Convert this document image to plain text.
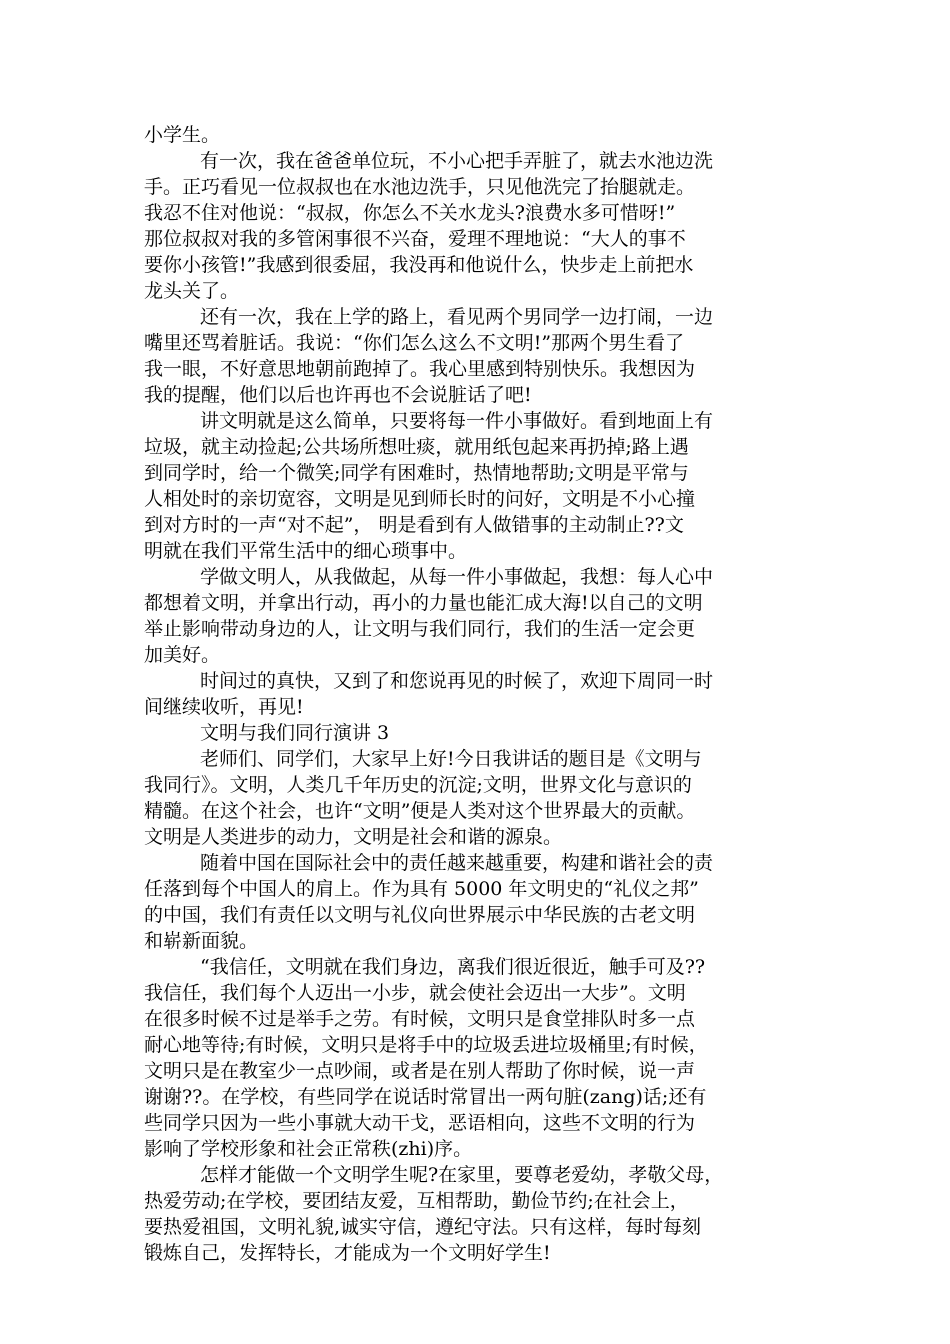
小学生。
有一次，我在爸爸单位玩，不小心把手弄脏了，就去水池边洗
手。正巧看见一位叔叔也在水池边洗手，只见他洗完了抬腿就走。
我忍不住对他说：“叔叔，你怎么不关水龙头?浪费水多可惜呀!”
那位叔叔对我的多管闲事很不兴奋，爱理不理地说：“大人的事不
要你小孩管!”我感到很委屈，我没再和他说什么，快步走上前把水
龙头关了。
还有一次，我在上学的路上，看见两个男同学一边打闹，一边
嘴里还骂着脏话。我说：“你们怎么这么不文明!”那两个男生看了
我一眼，不好意思地朝前跑掉了。我心里感到特别快乐。我想因为
我的提醒，他们以后也许再也不会说脏话了吧!
讲文明就是这么简单，只要将每一件小事做好。看到地面上有
垃圾，就主动捡起;公共场所想吐痰，就用纸包起来再扔掉;路上遇
到同学时，给一个微笑;同学有困难时，热情地帮助;文明是平常与
人相处时的亲切宽容，文明是见到师长时的问好，文明是不小心撞
到对方时的一声“对不起”， 明是看到有人做错事的主动制止??文
明就在我们平常生活中的细心琐事中。
学做文明人，从我做起，从每一件小事做起，我想：每人心中
都想着文明，并拿出行动，再小的力量也能汇成大海!以自己的文明
举止影响带动身边的人，让文明与我们同行，我们的生活一定会更
加美好。
时间过的真快，又到了和您说再见的时候了，欢迎下周同一时
间继续收听，再见!
文明与我们同行演讲 3
老师们、同学们，大家早上好!今日我讲话的题目是《文明与
我同行》。文明，人类几千年历史的沉淀;文明，世界文化与意识的
精髓。在这个社会，也许“文明”便是人类对这个世界最大的贡献。
文明是人类进步的动力，文明是社会和谐的源泉。
随着中国在国际社会中的责任越来越重要，构建和谐社会的责
任落到每个中国人的肩上。作为具有 5000 年文明史的“礼仪之邦”
的中国，我们有责任以文明与礼仪向世界展示中华民族的古老文明
和崭新面貌。
“我信任，文明就在我们身边，离我们很近很近，触手可及??
我信任，我们每个人迈出一小步，就会使社会迈出一大步”。文明
在很多时候不过是举手之劳。有时候，文明只是食堂排队时多一点
耐心地等待;有时候，文明只是将手中的垃圾丢进垃圾桶里;有时候，
文明只是在教室少一点吵闹，或者是在别人帮助了你时候，说一声
谢谢??。在学校，有些同学在说话时常冒出一两句脏(zang)话;还有
些同学只因为一些小事就大动干戈，恶语相向，这些不文明的行为
影响了学校形象和社会正常秩(zhi)序。
怎样才能做一个文明学生呢?在家里，要尊老爱幼，孝敬父母，
热爱劳动;在学校，要团结友爱，互相帮助，勤俭节约;在社会上，
要热爱祖国，文明礼貌,诚实守信，遵纪守法。只有这样，每时每刻
锻炼自己，发挥特长，才能成为一个文明好学生!
